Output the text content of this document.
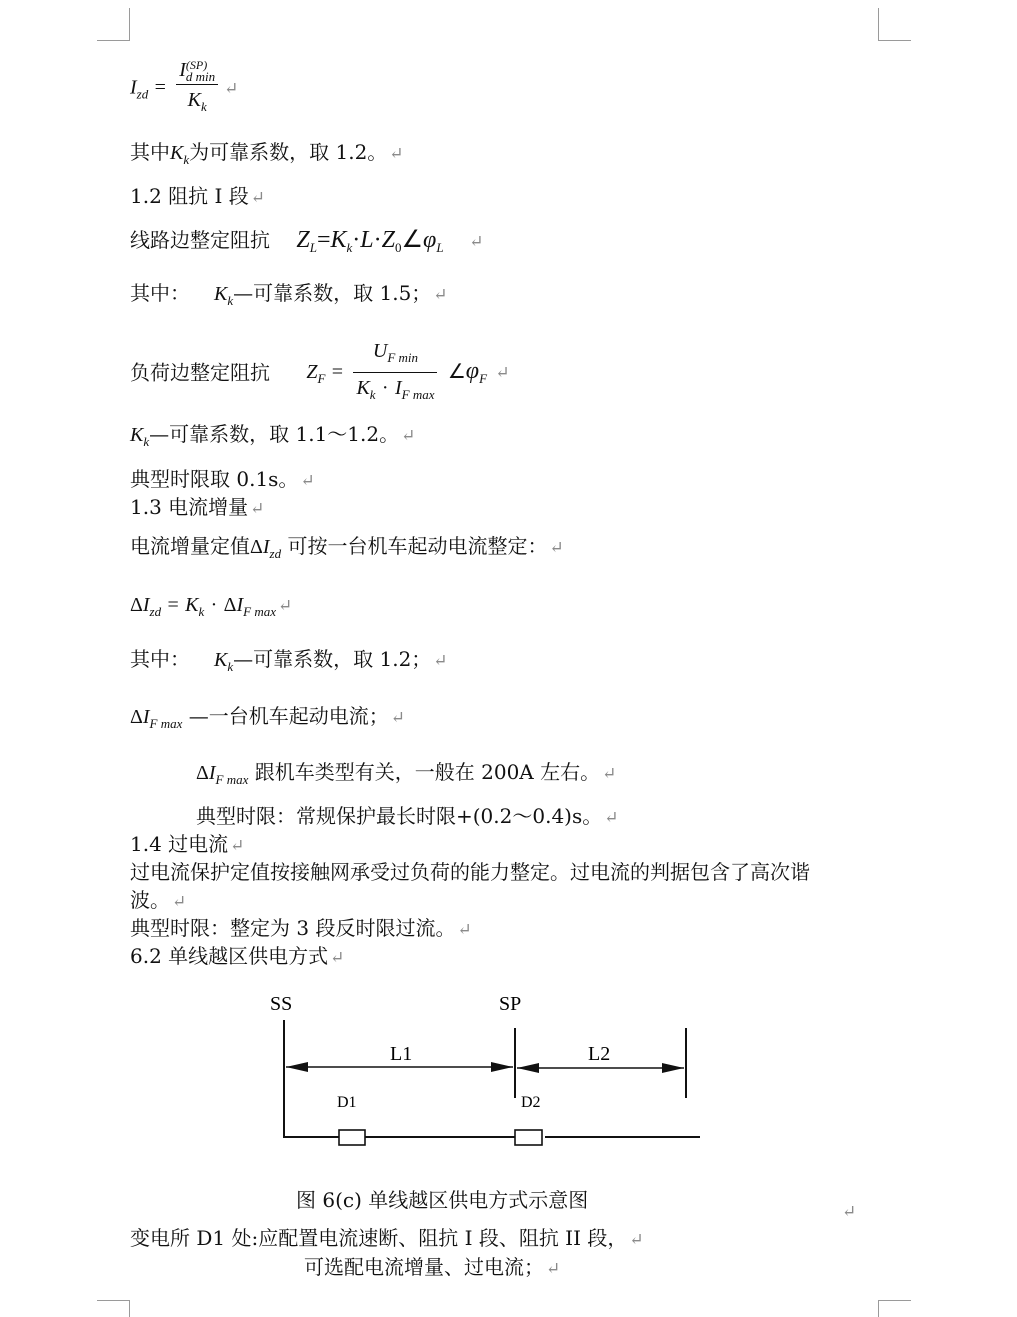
$I_{zd} = I$ (SP)
d min
$K_k$ ↵
其中$K_k$为可靠系数，取 1.2。 ↵
1.2 阻抗 I 段 ↵
线路边整定阻抗 $Z_L=K_k\cdot L\cdot Z_0\angle\varphi_L$ ↵
其中： $K_k—$可靠系数，取 1.5； ↵
负荷边整定阻抗 $Z_F = \frac{U_{F min}}{K_k \cdot I_{F max}}$ $\angle\varphi_F$ ↵
$K_k—$可靠系数，取 1.1～1.2。 ↵
典型时限取 0.1s。 ↵
1.3 电流增量 ↵
电流增量定值$\Delta I_{zd}$ 可按一台机车起动电流整定： ↵
$\Delta I_{zd} = K_k \cdot \Delta I_{F max}$ ↵
其中： $K_k—$可靠系数，取 1.2； ↵
$\Delta I_{F max}$ —一台机车起动电流； ↵
$\Delta I_{F max}$ 跟机车类型有关，一般在 200A 左右。 ↵
典型时限：常规保护最长时限+(0.2～0.4)s。 ↵
1.4 过电流 ↵
过电流保护定值按接触网承受过负荷的能力整定。过电流的判据包含了高次谐
波。 ↵
典型时限：整定为 3 段反时限过流。 ↵
6.2 单线越区供电方式 ↵
SS	SP
L1	L2
D1	D2
图 6(c) 单线越区供电方式示意图	↵
变电所 D1 处:应配置电流速断、阻抗 I 段、阻抗 II 段， ↵
可选配电流增量、过电流； ↵
